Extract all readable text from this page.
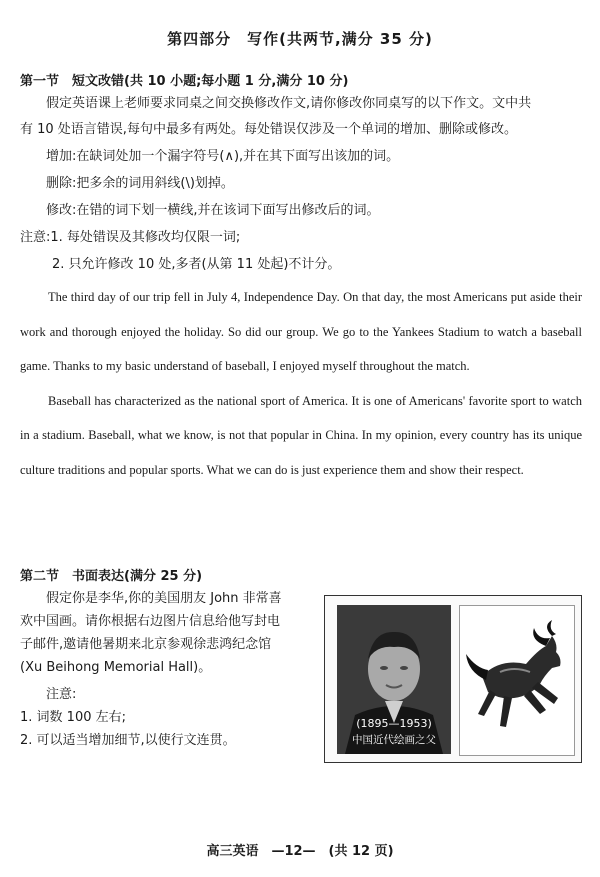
第四部分　写作(共两节,满分 35 分)
第一节　短文改错(共 10 小题;每小题 1 分,满分 10 分)
假定英语课上老师要求同桌之间交换修改作文,请你修改你同桌写的以下作文。文中共
有 10 处语言错误,每句中最多有两处。每处错误仅涉及一个单词的增加、删除或修改。
增加:在缺词处加一个漏字符号(∧),并在其下面写出该加的词。
删除:把多余的词用斜线(\)划掉。
修改:在错的词下划一横线,并在该词下面写出修改后的词。
注意:1. 每处错误及其修改均仅限一词;
2. 只允许修改 10 处,多者(从第 11 处起)不计分。

The third day of our trip fell in July 4, Independence Day. On that day, the most Americans put aside their work and thorough enjoyed the holiday. So did our group. We go to the Yankees Stadium to watch a baseball game. Thanks to my basic understand of baseball, I enjoyed myself throughout the match.

Baseball has characterized as the national sport of America. It is one of Americans' favorite sport to watch in a stadium. Baseball, what we know, is not that popular in China. In my opinion, every country has its unique culture traditions and popular sports. What we can do is just experience them and show their respect.

第二节　书面表达(满分 25 分)

假定你是李华,你的美国朋友 John 非常喜

欢中国画。请你根据右边图片信息给他写封电

子邮件,邀请他暑期来北京参观徐悲鸿纪念馆

(Xu Beihong Memorial Hall)。

注意:

1. 词数 100 左右;

2. 可以适当增加细节,以使行文连贯。

(1895—1953)
中国近代绘画之父
高三英语　—12—　(共 12 页)
